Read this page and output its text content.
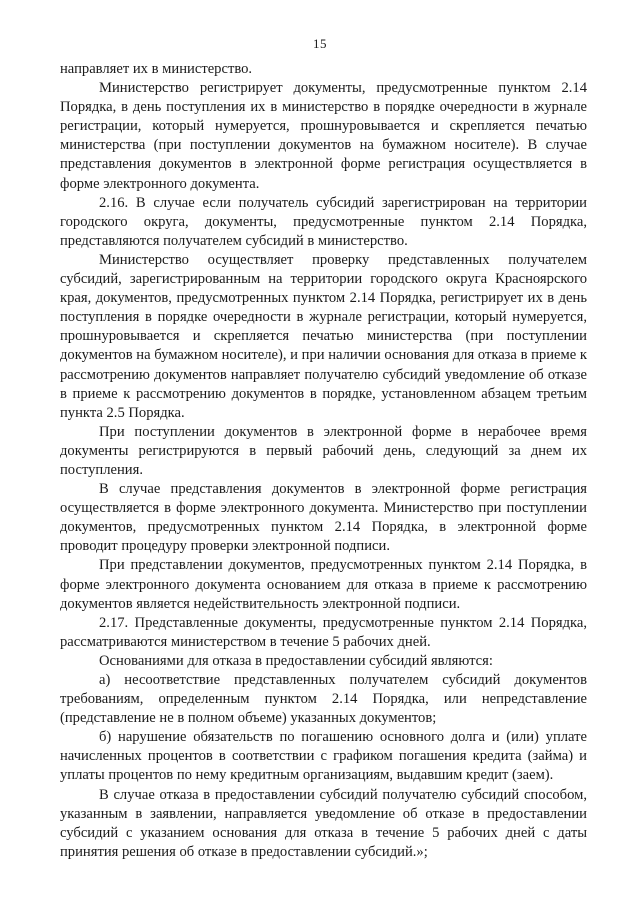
15

направляет их в министерство.

Министерство регистрирует документы, предусмотренные пунктом 2.14 Порядка, в день поступления их в министерство в порядке очередности в журнале регистрации, который нумеруется, прошнуровывается и скрепляется печатью министерства (при поступлении документов на бумажном носителе). В случае представления документов в электронной форме регистрация осуществляется в форме электронного документа.

2.16. В случае если получатель субсидий зарегистрирован на территории городского округа, документы, предусмотренные пунктом 2.14 Порядка, представляются получателем субсидий в министерство.

Министерство осуществляет проверку представленных получателем субсидий, зарегистрированным на территории городского округа Красноярского края, документов, предусмотренных пунктом 2.14 Порядка, регистрирует их в день поступления в порядке очередности в журнале регистрации, который нумеруется, прошнуровывается и скрепляется печатью министерства (при поступлении документов на бумажном носителе), и при наличии основания для отказа в приеме к рассмотрению документов направляет получателю субсидий уведомление об отказе в приеме к рассмотрению документов в порядке, установленном абзацем третьим пункта 2.5 Порядка.

При поступлении документов в электронной форме в нерабочее время документы регистрируются в первый рабочий день, следующий за днем их поступления.

В случае представления документов в электронной форме регистрация осуществляется в форме электронного документа. Министерство при поступлении документов, предусмотренных пунктом 2.14 Порядка, в электронной форме проводит процедуру проверки электронной подписи.

При представлении документов, предусмотренных пунктом 2.14 Порядка, в форме электронного документа основанием для отказа в приеме к рассмотрению документов является недействительность электронной подписи.

2.17. Представленные документы, предусмотренные пунктом 2.14 Порядка, рассматриваются министерством в течение 5 рабочих дней.

Основаниями для отказа в предоставлении субсидий являются:

а) несоответствие представленных получателем субсидий документов требованиям, определенным пунктом 2.14 Порядка, или непредставление (представление не в полном объеме) указанных документов;

б) нарушение обязательств по погашению основного долга и (или) уплате начисленных процентов в соответствии с графиком погашения кредита (займа) и уплаты процентов по нему кредитным организациям, выдавшим кредит (заем).

В случае отказа в предоставлении субсидий получателю субсидий способом, указанным в заявлении, направляется уведомление об отказе в предоставлении субсидий с указанием основания для отказа в течение 5 рабочих дней с даты принятия решения об отказе в предоставлении субсидий.»;
